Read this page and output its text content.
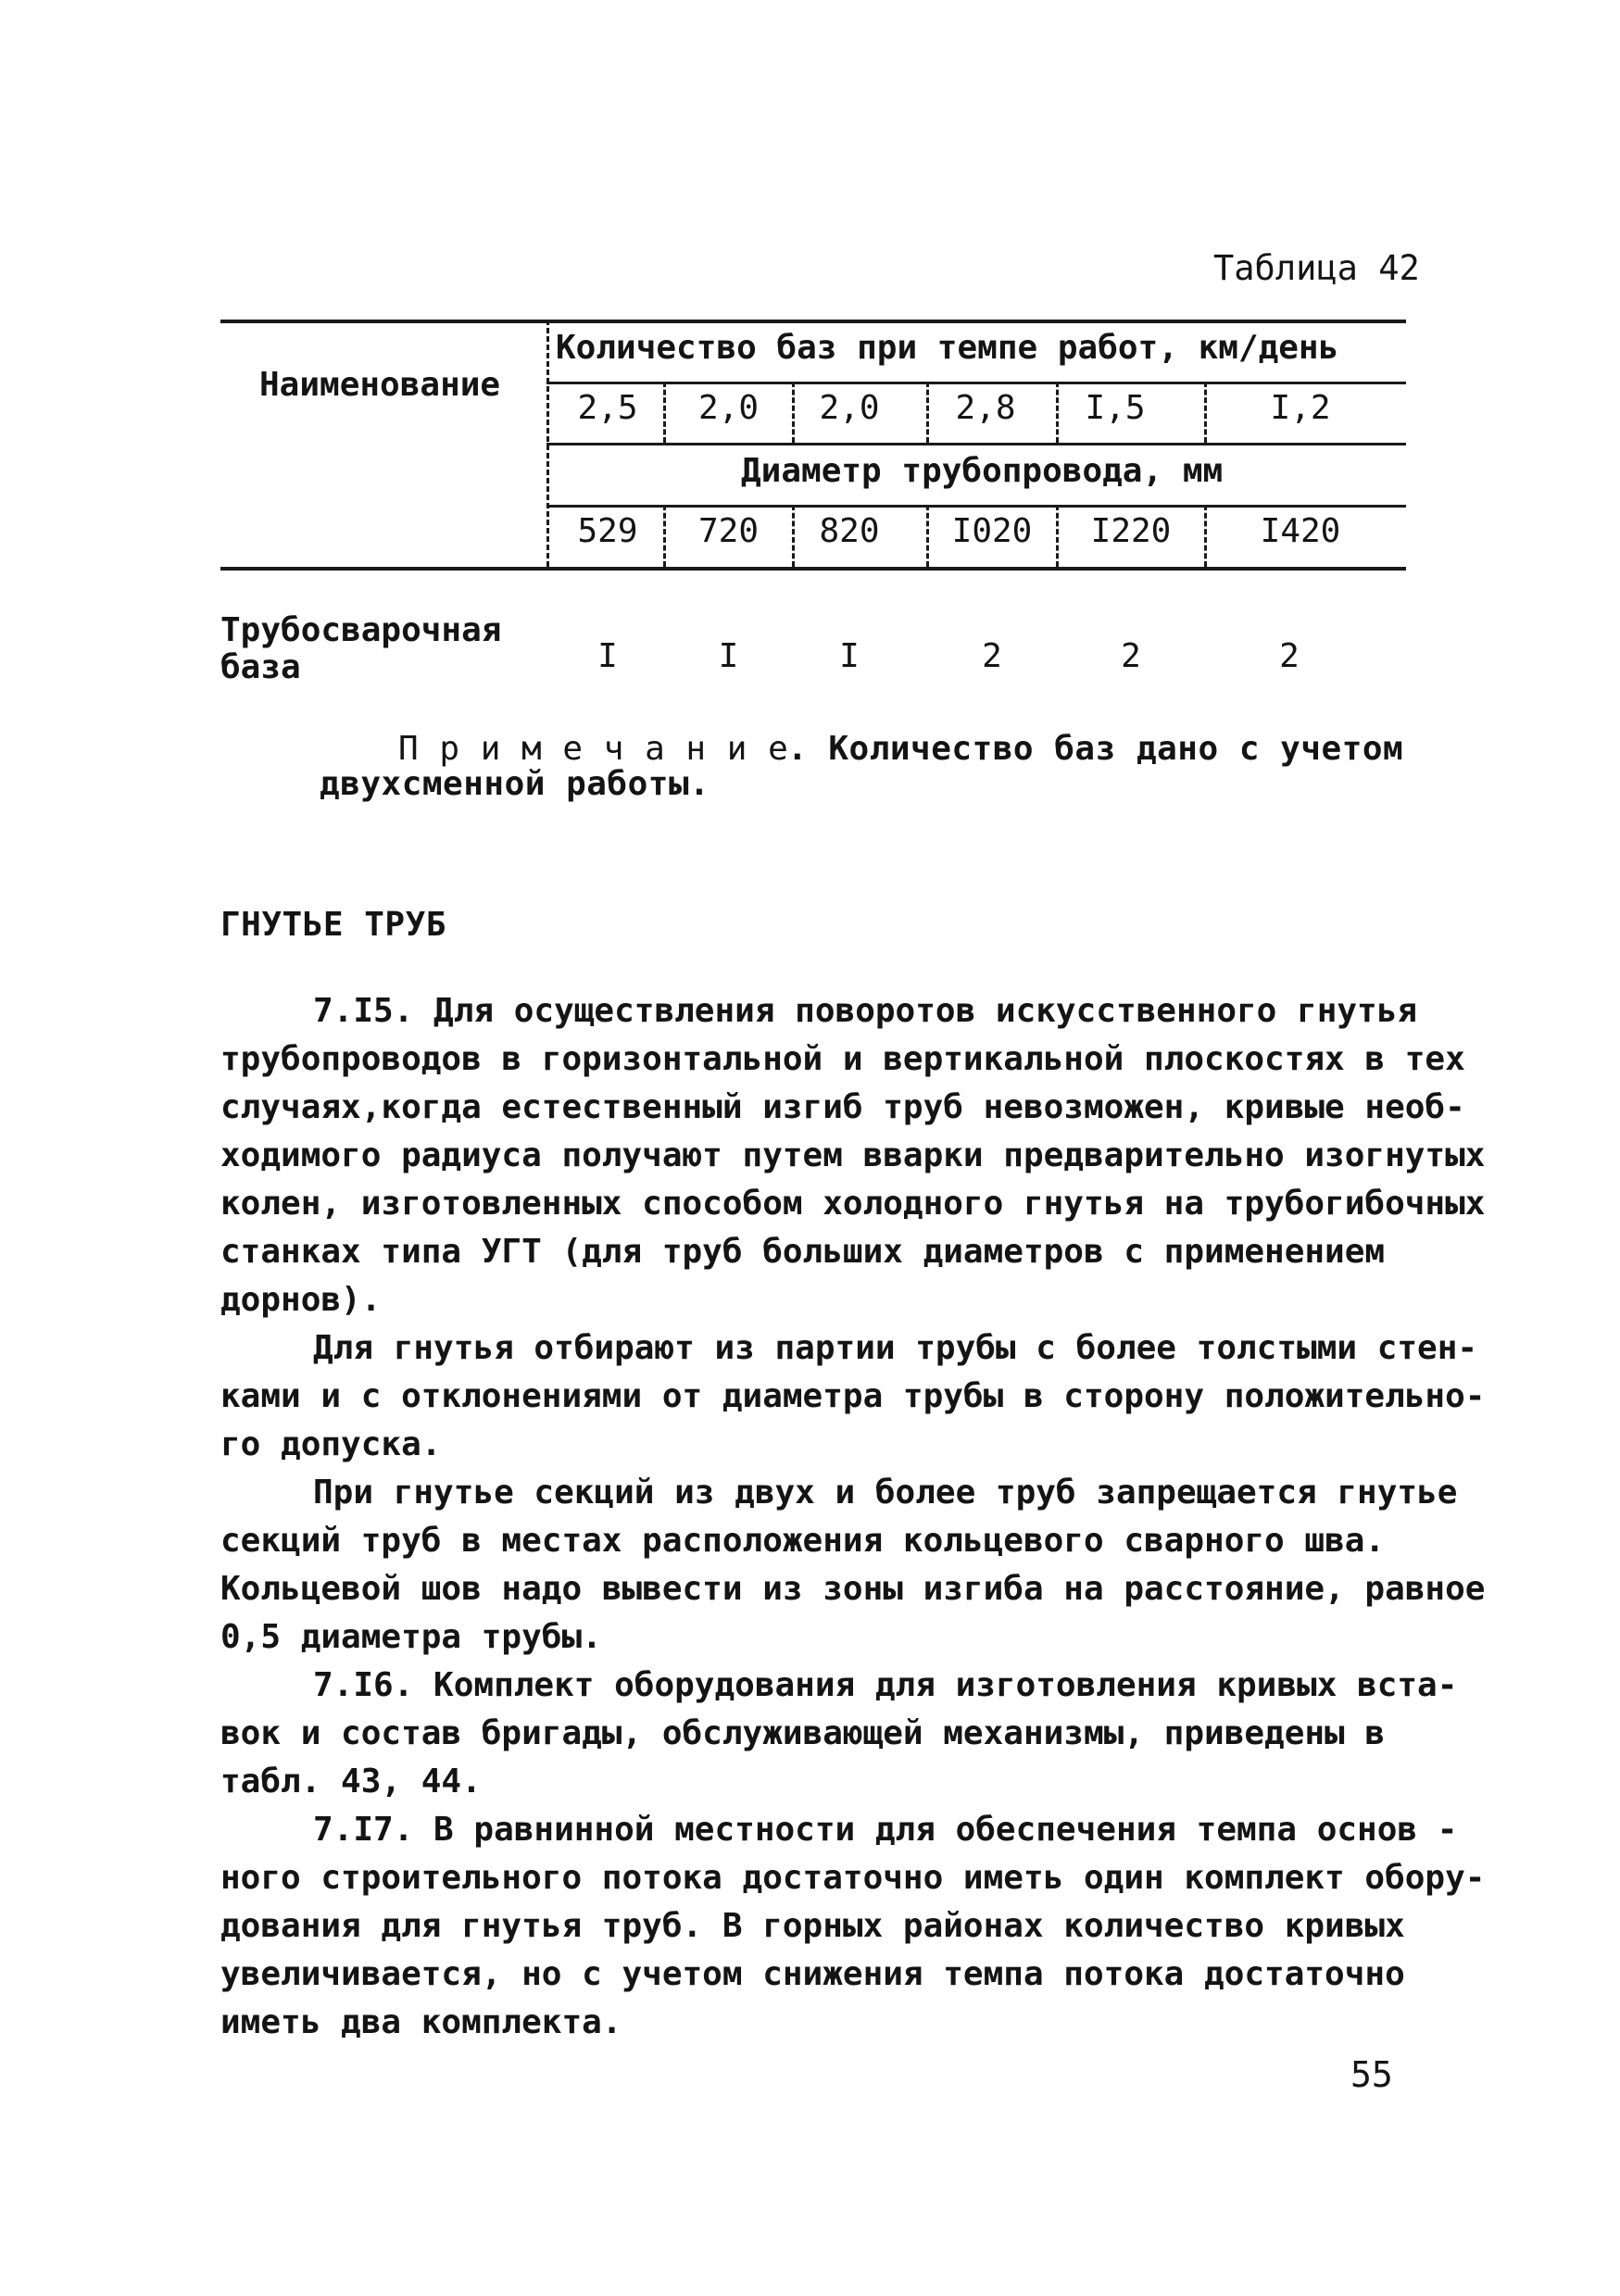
Таблица 42
Наименование
Количество баз при темпе работ, км/день
Диаметр трубопровода, мм
2,5	2,0	2,0	2,8	I,5	I,2
529	720	820	I020	I220	I420
Трубосварочная
база	I	I	I	2	2	2
П р и м е ч а н и е
. Количество баз дано с учетом
двухсменной работы.
ГНУТЬЕ ТРУБ
7.I5. Для осуществления поворотов искусственного гнутья
трубопроводов в горизонтальной и вертикальной плоскостях в тех
случаях,когда естественный изгиб труб невозможен, кривые необ-
ходимого радиуса получают путем вварки предварительно изогнутых
колен, изготовленных способом холодного гнутья на трубогибочных
станках типа УГТ (для труб больших диаметров с применением
дорнов).
Для гнутья отбирают из партии трубы с более толстыми стен-
ками и с отклонениями от диаметра трубы в сторону положительно-
го допуска.
При гнутье секций из двух и более труб запрещается гнутье
секций труб в местах расположения кольцевого сварного шва.
Кольцевой шов надо вывести из зоны изгиба на расстояние, равное
0,5 диаметра трубы.
7.I6. Комплект оборудования для изготовления кривых вста-
вок и состав бригады, обслуживающей механизмы, приведены в
табл. 43, 44.
7.I7. В равнинной местности для обеспечения темпа основ -
ного строительного потока достаточно иметь один комплект обору-
дования для гнутья труб. В горных районах количество кривых
увеличивается, но с учетом снижения темпа потока достаточно
иметь два комплекта.
55
